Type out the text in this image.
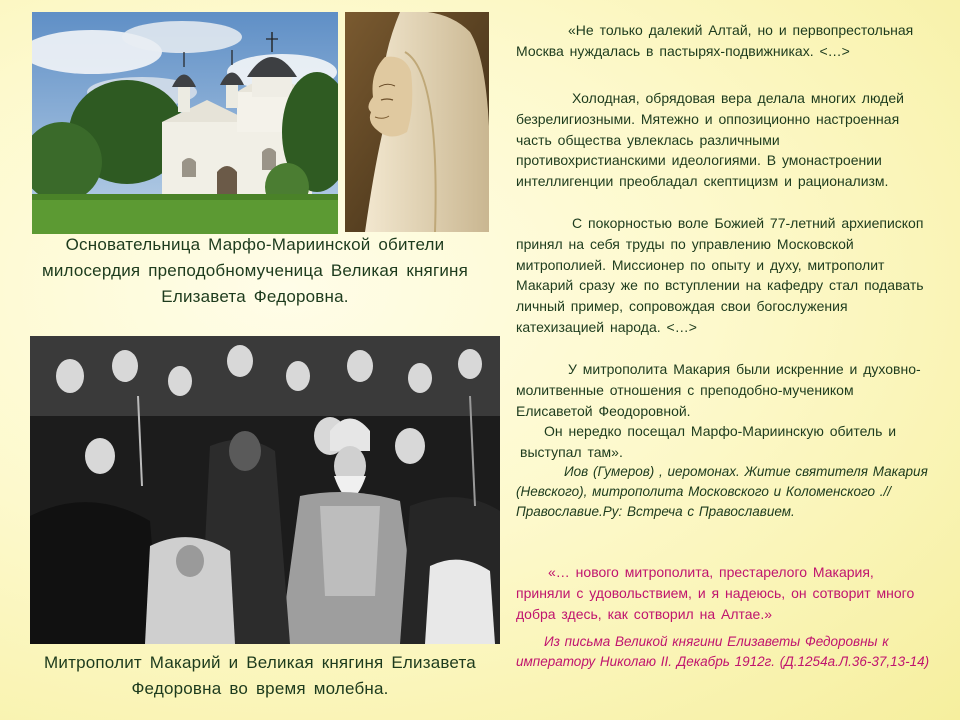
Основательница Марфо-Мариинской обители милосердия преподобномученица Великая княгиня Елизавета Федоровна.
Митрополит Макарий и Великая княгиня Елизавета Федоровна во время молебна.
«Не только далекий Алтай, но и первопрестольная Москва нуждалась в пастырях-подвижниках. <…>
Холодная, обрядовая вера делала многих людей безрелигиозными. Мятежно и оппозиционно настроенная часть общества увлеклась различными противохристианскими идеологиями. В умонастроении интеллигенции преобладал скептицизм и рационализм.
С покорностью воле Божией 77-летний архиепископ принял на себя труды по управлению Московской митрополией. Миссионер по опыту и духу, митрополит Макарий сразу же по вступлении на кафедру стал подавать личный пример, сопровождая свои богослужения катехизацией народа. <…>
У митрополита Макария были искренние и духовно-молитвенные отношения с преподобно-мучеником Елисаветой Феодоровной.
Он нередко посещал Марфо-Мариинскую обитель и выступал там».
Иов (Гумеров) , иеромонах. Житие святителя Макария (Невского), митрополита Московского и Коломенского .// Православие.Ру: Встреча с Православием.
«… нового митрополита, престарелого Макария, приняли с удовольствием, и я надеюсь, он сотворит много добра здесь, как сотворил на Алтае.»
Из письма Великой княгини Елизаветы Федоровны к императору Николаю II. Декабрь 1912г. (Д.1254а.Л.36-37,13-14)
